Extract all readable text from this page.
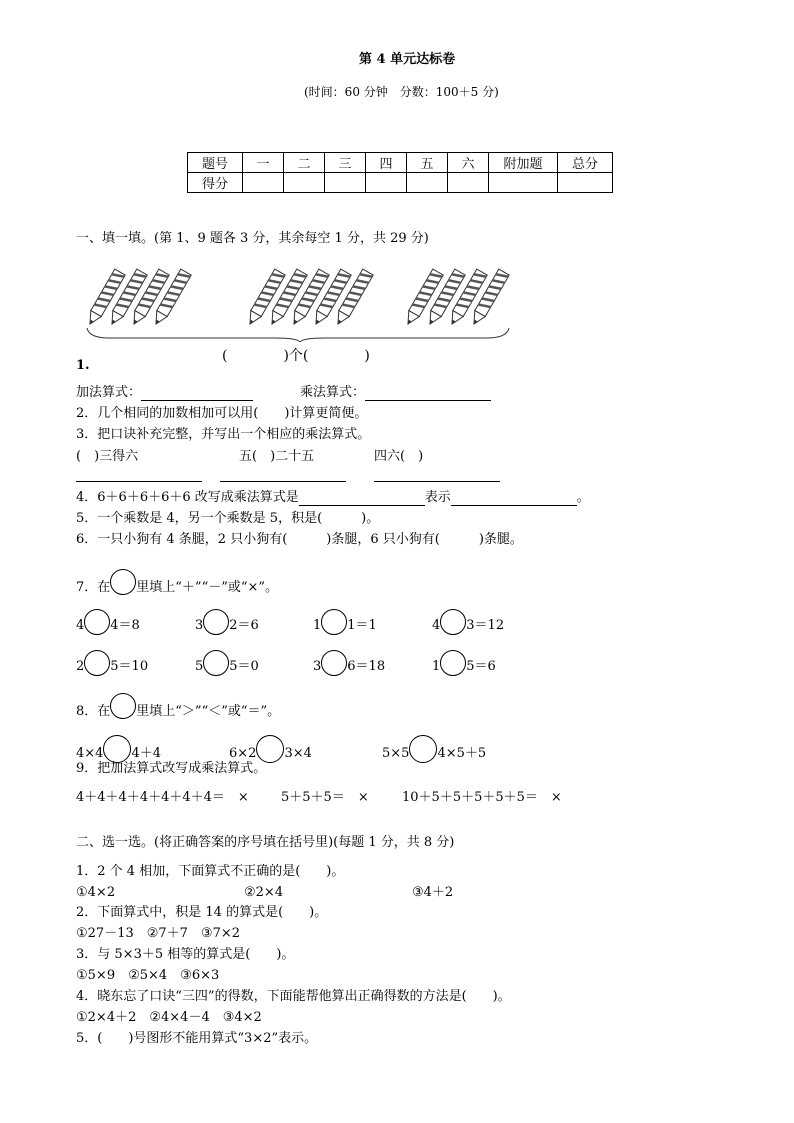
第 4 单元达标卷
(时间：60 分钟　分数：100＋5 分)
题号	一	二	三	四	五	六	附加题	总分
得分								
一、填一填。(第 1、9 题各 3 分，其余每空 1 分，共 29 分)
1.
(　　　　)个(　　　　)
加法算式：	乘法算式：
2．几个相同的加数相加可以用(　　)计算更简便。
3．把口诀补充完整，并写出一个相应的乘法算式。
(　)三得六	五(　)二十五	四六(　)
4．6＋6＋6＋6＋6 改写成乘法算式是	表示	。
5．一个乘数是 4，另一个乘数是 5，积是(　　　)。
6．一只小狗有 4 条腿，2 只小狗有(　　　)条腿，6 只小狗有(　　　)条腿。
7．在 里填上“＋”“－”或“×”。
4 4＝8	3 2＝6	1 1＝1	4 3＝12
2 5＝10	5 5＝0	3 6＝18	1 5＝6
8．在 里填上“＞”“＜”或“＝”。
4×4 4＋4	6×2 3×4	5×5 4×5＋5
9．把加法算式改写成乘法算式。
4＋4＋4＋4＋4＋4＋4＝　× 5＋5＋5＝　×	10＋5＋5＋5＋5＋5＝　×
二、选一选。(将正确答案的序号填在括号里)(每题 1 分，共 8 分)
1．2 个 4 相加，下面算式不正确的是(　　)。
①4×2	②2×4	③4＋2
2．下面算式中，积是 14 的算式是(　　)。
①27－13　②7＋7　③7×2
3．与 5×3＋5 相等的算式是(　　)。
①5×9　②5×4　③6×3
4．晓东忘了口诀“三四”的得数，下面能帮他算出正确得数的方法是(　　)。
①2×4＋2　②4×4－4　③4×2
5．(　　)号图形不能用算式“3×2”表示。
